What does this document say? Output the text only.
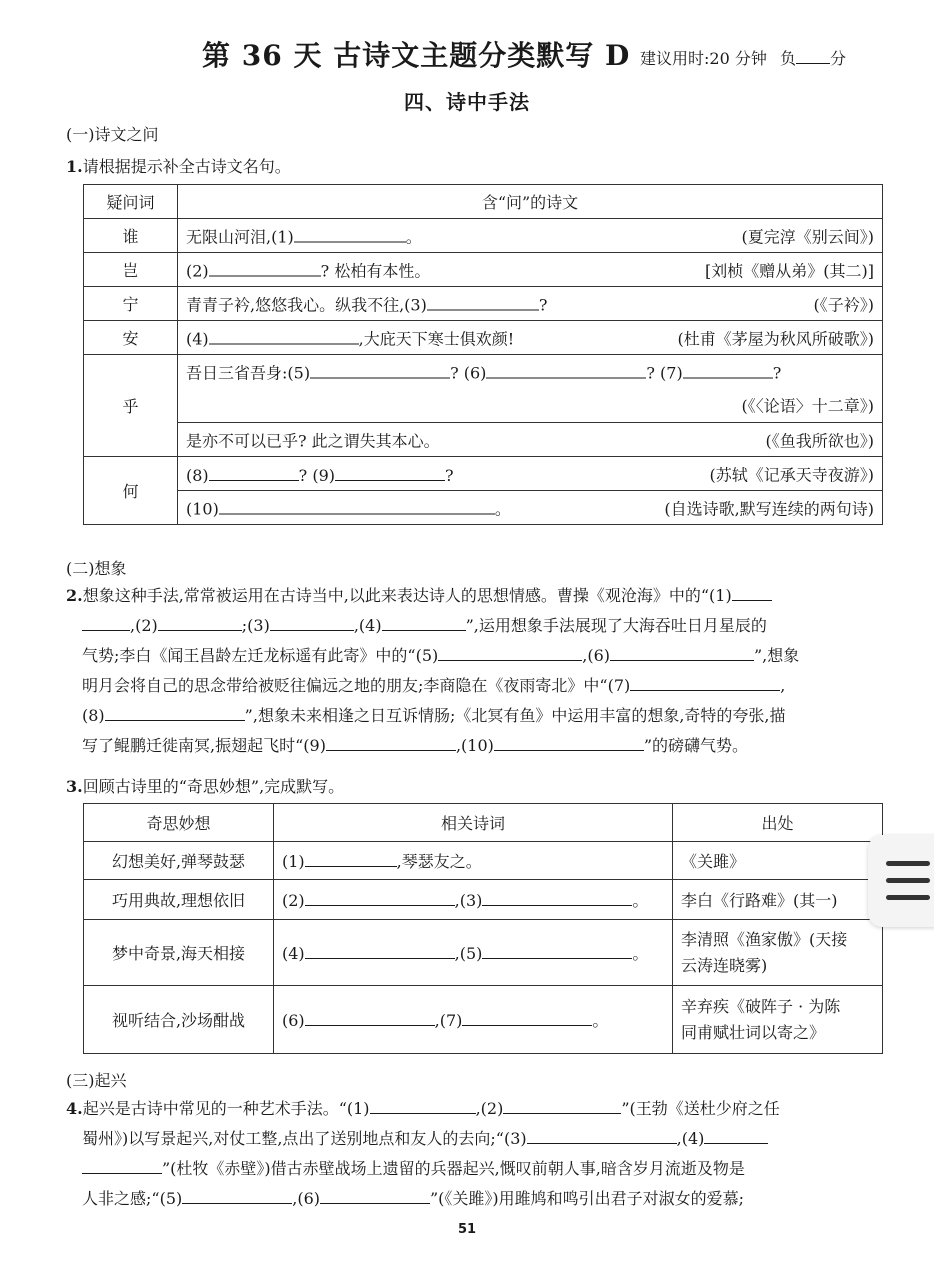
第 36 天 古诗文主题分类默写 D 建议用时:20 分钟 负 分
四、诗中手法
(一)诗文之问
1.请根据提示补全古诗文名句。
疑问词	含“问”的诗文
谁	无限山河泪,(1) 。 (夏完淳《别云间》)

岂	(2) ? 松柏有本性。 [刘桢《赠从弟》(其二)]

宁	青青子衿,悠悠我心。纵我不往,(3) ? (《子衿》)

安	(4) ,大庇天下寒士俱欢颜! (杜甫《茅屋为秋风所破歌》)

乎	吾日三省吾身:(5) ? (6) ? (7) ?

	(《〈论语〉十二章》)

	是亦不可以已乎? 此之谓失其本心。 (《鱼我所欲也》)

何	(8) ? (9) ? (苏轼《记承天寺夜游》)

	(10) 。 (自选诗歌,默写连续的两句诗)
(二)想象
2.想象这种手法,常常被运用在古诗当中,以此来表达诗人的思想情感。曹操《观沧海》中的“(1)
,(2)	;(3)	,(4)	”,运用想象手法展现了大海吞吐日月星辰的
气势;李白《闻王昌龄左迁龙标遥有此寄》中的“(5)	,(6)	”,想象
明月会将自己的思念带给被贬往偏远之地的朋友;李商隐在《夜雨寄北》中“(7)	,
(8)	”,想象未来相逢之日互诉情肠;《北冥有鱼》中运用丰富的想象,奇特的夸张,描
写了鲲鹏迁徙南冥,振翅起飞时“(9)	,(10)	”的磅礴气势。
3.回顾古诗里的“奇思妙想”,完成默写。
奇思妙想	相关诗词	出处
幻想美好,弹琴鼓瑟	(1) ,琴瑟友之。	《关雎》
巧用典故,理想依旧	(2) ,(3) 。	李白《行路难》(其一)
梦中奇景,海天相接	(4) ,(5) 。	李清照《渔家傲》(天接
云涛连晓雾)

视听结合,沙场酣战	(6) ,(7) 。	辛弃疾《破阵子 · 为陈
同甫赋壮词以寄之》
(三)起兴
4.起兴是古诗中常见的一种艺术手法。“(1)	,(2)	”(王勃《送杜少府之任
蜀州》)以写景起兴,对仗工整,点出了送别地点和友人的去向;“(3)	,(4)
”(杜牧《赤壁》)借古赤壁战场上遗留的兵器起兴,慨叹前朝人事,暗含岁月流逝及物是
人非之感;“(5)	,(6)	”(《关雎》)用雎鸠和鸣引出君子对淑女的爱慕;
51
